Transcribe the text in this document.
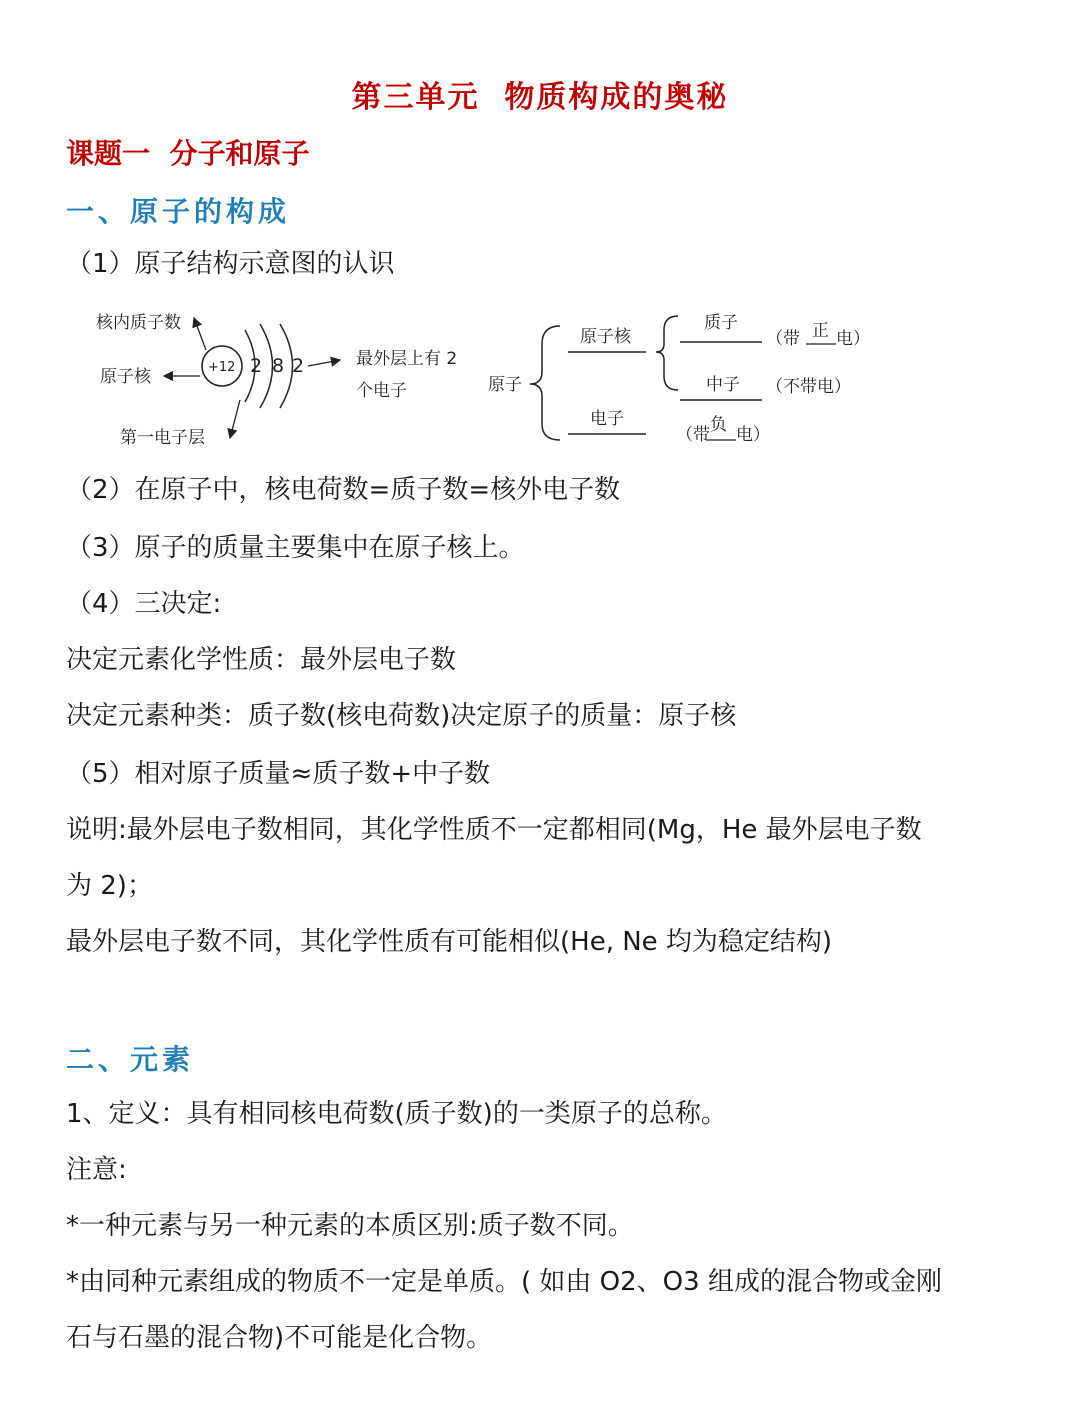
第三单元  物质构成的奥秘
课题一  分子和原子
一、原子的构成
（1）原子结构示意图的认识
核内质子数
原子核
第一电子层
+12 2 8 2	最外层上有 2
个电子	原子
原子核
质子
（带 正 电）
中子 （不带电）
电子
（带 负 电）
（2）在原子中，核电荷数=质子数=核外电子数
（3）原子的质量主要集中在原子核上。
（4）三决定:
决定元素化学性质：最外层电子数
决定元素种类：质子数(核电荷数)决定原子的质量：原子核
（5）相对原子质量≈质子数+中子数
说明:最外层电子数相同，其化学性质不一定都相同(Mg，He 最外层电子数
为 2)；
最外层电子数不同，其化学性质有可能相似(He, Ne 均为稳定结构)
二、元素
1、定义：具有相同核电荷数(质子数)的一类原子的总称。
注意:
*一种元素与另一种元素的本质区别:质子数不同。
*由同种元素组成的物质不一定是单质。( 如由 O2、O3 组成的混合物或金刚
石与石墨的混合物)不可能是化合物。
